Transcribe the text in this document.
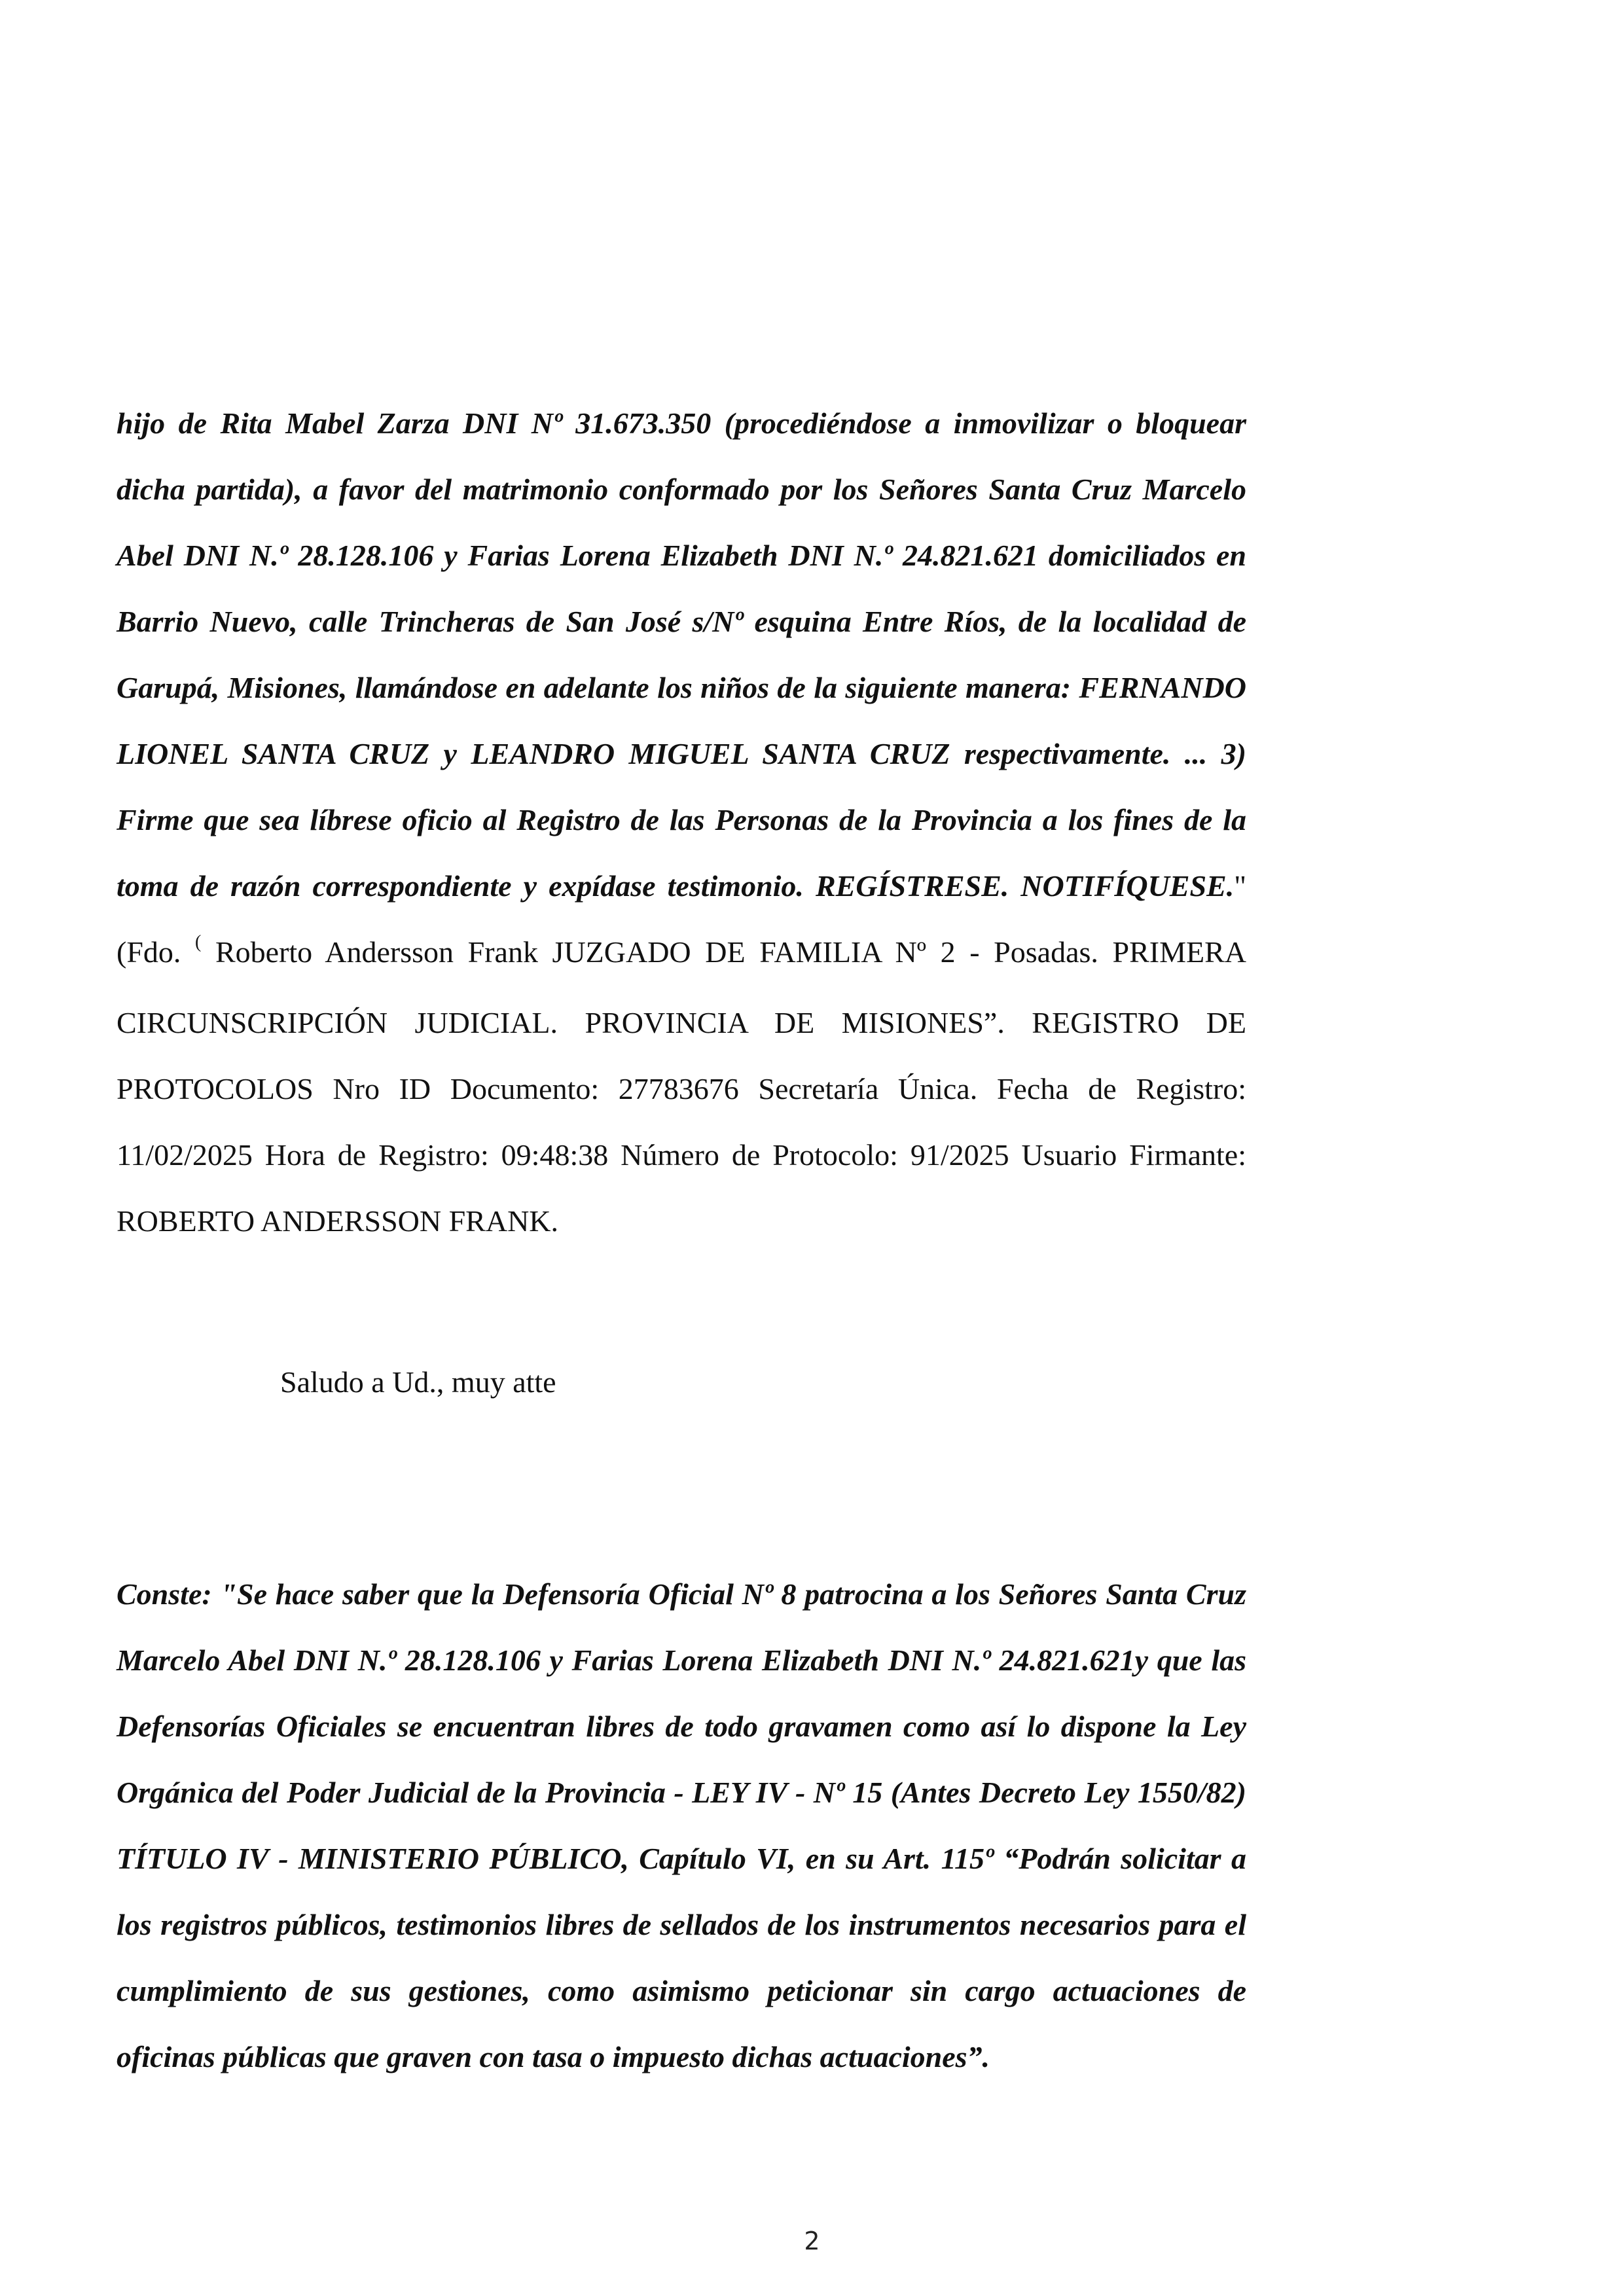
hijo de Rita Mabel Zarza DNI Nº 31.673.350 (procediéndose a inmovilizar o bloquear dicha partida), a favor del matrimonio conformado por los Señores Santa Cruz Marcelo Abel DNI N.º 28.128.106 y Farias Lorena Elizabeth DNI N.º 24.821.621 domiciliados en Barrio Nuevo, calle Trincheras de San José s/Nº esquina Entre Ríos, de la localidad de Garupá, Misiones, llamándose en adelante los niños de la siguiente manera: FERNANDO LIONEL SANTA CRUZ y LEANDRO MIGUEL SANTA CRUZ respectivamente. ... 3) Firme que sea líbrese oficio al Registro de las Personas de la Provincia a los fines de la toma de razón correspondiente y expídase testimonio. REGÍSTRESE. NOTIFÍQUESE." (Fdo. ( Roberto Andersson Frank JUZGADO DE FAMILIA Nº 2 - Posadas. PRIMERA CIRCUNSCRIPCIÓN JUDICIAL. PROVINCIA DE MISIONES”. REGISTRO DE PROTOCOLOS Nro ID Documento: 27783676 Secretaría Única. Fecha de Registro: 11/02/2025 Hora de Registro: 09:48:38 Número de Protocolo: 91/2025 Usuario Firmante: ROBERTO ANDERSSON FRANK.
Saludo a Ud., muy atte
Conste: "Se hace saber que la Defensoría Oficial Nº 8 patrocina a los Señores Santa Cruz Marcelo Abel DNI N.º 28.128.106 y Farias Lorena Elizabeth DNI N.º 24.821.621y que las Defensorías Oficiales se encuentran libres de todo gravamen como así lo dispone la Ley Orgánica del Poder Judicial de la Provincia - LEY IV - Nº 15 (Antes Decreto Ley 1550/82) TÍTULO IV - MINISTERIO PÚBLICO, Capítulo VI, en su Art. 115º “Podrán solicitar a los registros públicos, testimonios libres de sellados de los instrumentos necesarios para el cumplimiento de sus gestiones, como asimismo peticionar sin cargo actuaciones de oficinas públicas que graven con tasa o impuesto dichas actuaciones”.
2
